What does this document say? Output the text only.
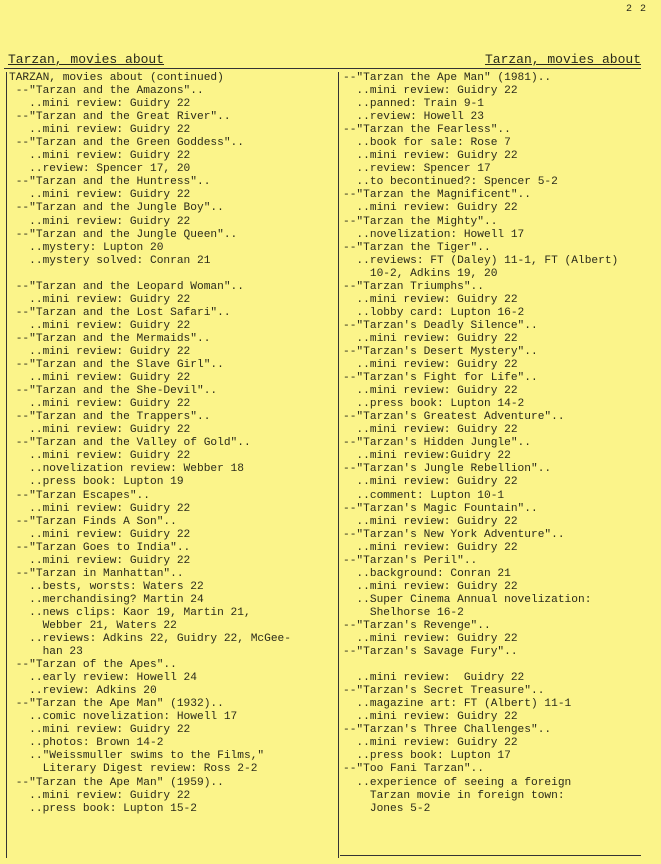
2 2
Tarzan, movies about	Tarzan, movies about
TARZAN, movies about (continued)
--"Tarzan and the Amazons"..
..mini review: Guidry 22
--"Tarzan and the Great River"..
..mini review: Guidry 22
--"Tarzan and the Green Goddess"..
..mini review: Guidry 22
..review: Spencer 17, 20
--"Tarzan and the Huntress"..
..mini review: Guidry 22
--"Tarzan and the Jungle Boy"..
..mini review: Guidry 22
--"Tarzan and the Jungle Queen"..
..mystery: Lupton 20
..mystery solved: Conran 21
--"Tarzan and the Leopard Woman"..
..mini review: Guidry 22
--"Tarzan and the Lost Safari"..
..mini review: Guidry 22
--"Tarzan and the Mermaids"..
..mini review: Guidry 22
--"Tarzan and the Slave Girl"..
..mini review: Guidry 22
--"Tarzan and the She-Devil"..
..mini review: Guidry 22
--"Tarzan and the Trappers"..
..mini review: Guidry 22
--"Tarzan and the Valley of Gold"..
..mini review: Guidry 22
..novelization review: Webber 18
..press book: Lupton 19
--"Tarzan Escapes"..
..mini review: Guidry 22
--"Tarzan Finds A Son"..
..mini review: Guidry 22
--"Tarzan Goes to India"..
..mini review: Guidry 22
--"Tarzan in Manhattan"..
..bests, worsts: Waters 22
..merchandising? Martin 24
..news clips: Kaor 19, Martin 21,
Webber 21, Waters 22
..reviews: Adkins 22, Guidry 22, McGee-
han 23
--"Tarzan of the Apes"..
..early review: Howell 24
..review: Adkins 20
--"Tarzan the Ape Man" (1932)..
..comic novelization: Howell 17
..mini review: Guidry 22
..photos: Brown 14-2
.."Weissmuller swims to the Films,"
Literary Digest review: Ross 2-2
--"Tarzan the Ape Man" (1959)..
..mini review: Guidry 22
..press book: Lupton 15-2
--"Tarzan the Ape Man" (1981)..
..mini review: Guidry 22
..panned: Train 9-1
..review: Howell 23
--"Tarzan the Fearless"..
..book for sale: Rose 7
..mini review: Guidry 22
..review: Spencer 17
..to becontinued?: Spencer 5-2
--"Tarzan the Magnificent"..
..mini review: Guidry 22
--"Tarzan the Mighty"..
..novelization: Howell 17
--"Tarzan the Tiger"..
..reviews: FT (Daley) 11-1, FT (Albert)
10-2, Adkins 19, 20
--"Tarzan Triumphs"..
..mini review: Guidry 22
..lobby card: Lupton 16-2
--"Tarzan's Deadly Silence"..
..mini review: Guidry 22
--"Tarzan's Desert Mystery"..
..mini review: Guidry 22
--"Tarzan's Fight for Life"..
..mini review: Guidry 22
..press book: Lupton 14-2
--"Tarzan's Greatest Adventure"..
..mini review: Guidry 22
--"Tarzan's Hidden Jungle"..
..mini review:Guidry 22
--"Tarzan's Jungle Rebellion"..
..mini review: Guidry 22
..comment: Lupton 10-1
--"Tarzan's Magic Fountain"..
..mini review: Guidry 22
--"Tarzan's New York Adventure"..
..mini review: Guidry 22
--"Tarzan's Peril"..
..background: Conran 21
..mini review: Guidry 22
..Super Cinema Annual novelization:
Shelhorse 16-2
--"Tarzan's Revenge"..
..mini review: Guidry 22
--"Tarzan's Savage Fury"..
..mini review:  Guidry 22
--"Tarzan's Secret Treasure"..
..magazine art: FT (Albert) 11-1
..mini review: Guidry 22
--"Tarzan's Three Challenges"..
..mini review: Guidry 22
..press book: Lupton 17
--"Too Fani Tarzan"..
..experience of seeing a foreign
Tarzan movie in foreign town:
Jones 5-2
